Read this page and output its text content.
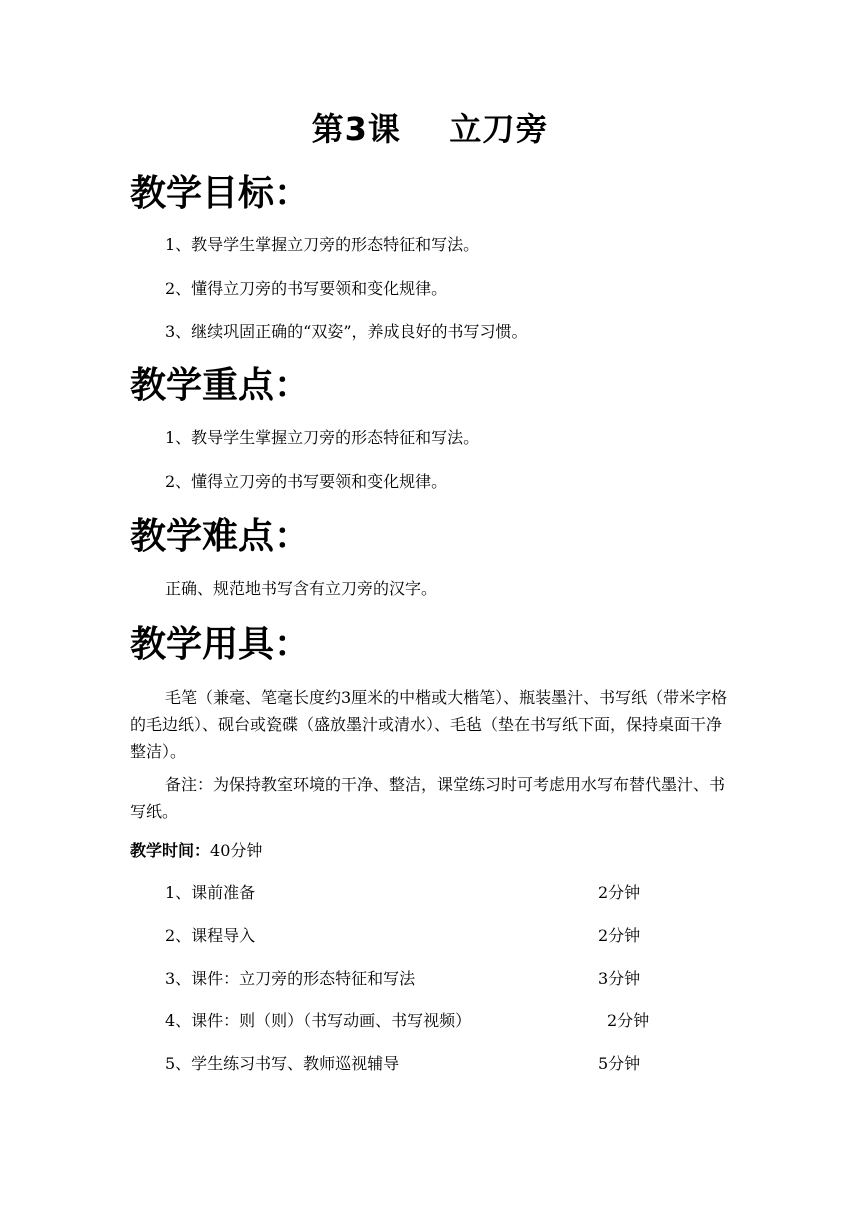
第3课    立刀旁
教学目标：
1、教导学生掌握立刀旁的形态特征和写法。
2、懂得立刀旁的书写要领和变化规律。
3、继续巩固正确的“双姿”，养成良好的书写习惯。
教学重点：
1、教导学生掌握立刀旁的形态特征和写法。
2、懂得立刀旁的书写要领和变化规律。
教学难点：
正确、规范地书写含有立刀旁的汉字。
教学用具：
毛笔（兼毫、笔毫长度约3厘米的中楷或大楷笔）、瓶装墨汁、书写纸（带米字格的毛边纸）、砚台或瓷碟（盛放墨汁或清水）、毛毡（垫在书写纸下面，保持桌面干净整洁）。
备注：为保持教室环境的干净、整洁，课堂练习时可考虑用水写布替代墨汁、书写纸。
教学时间：40分钟
1、课前准备	2分钟
2、课程导入	2分钟
3、课件：立刀旁的形态特征和写法	3分钟
4、课件：则（则）（书写动画、书写视频）	2分钟
5、学生练习书写、教师巡视辅导	5分钟
